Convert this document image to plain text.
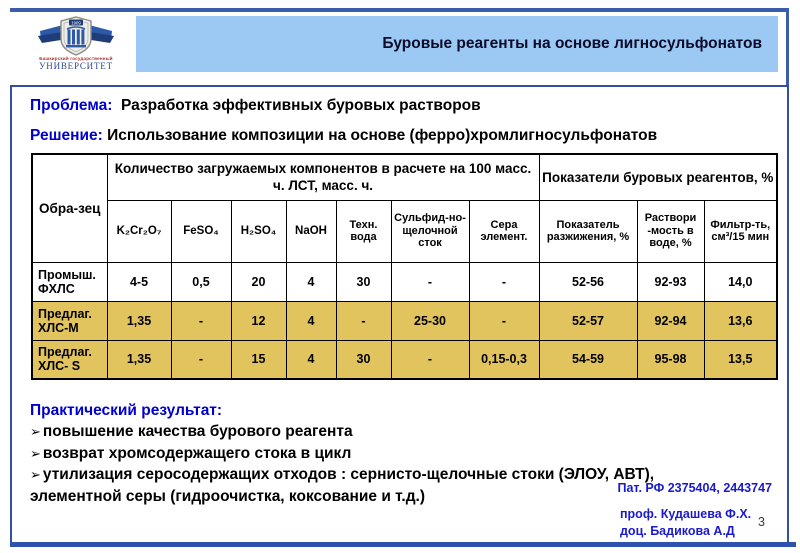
1909
Башкирский государственный
УНИВЕРСИТЕТ
Буровые реагенты на основе лигносульфонатов
Проблема: Разработка эффективных буровых растворов
Решение: Использование композиции на основе (ферро)хромлигносульфонатов
Обра-зец	Количество загружаемых компонентов в расчете на 100 масс. ч. ЛСТ, масс. ч.							Показатели буровых реагентов, %		
	K₂Cr₂O₇	FeSO₄	H₂SO₄	NaOH	Техн. вода	Сульфид-но-щелочной сток	Сера элемент.	Показатель разжижения, %	Раствори -мость в воде, %	Фильтр-ть, см³/15 мин
Промыш. ФХЛС	4-5	0,5	20	4	30	-	-	52-56	92-93	14,0
Предлаг. ХЛС-М	1,35	-	12	4	-	25-30	-	52-57	92-94	13,6
Предлаг. ХЛС- S	1,35	-	15	4	30	-	0,15-0,3	54-59	95-98	13,5
Практический результат:
➢ повышение качества бурового реагента
➢ возврат хромсодержащего стока в цикл
➢ утилизация серосодержащих отходов : сернисто-щелочные стоки (ЭЛОУ, АВТ), элементной серы (гидроочистка, коксование и т.д.)	Пат. РФ 2375404, 2443747
проф. Кудашева Ф.Х.
доц. Бадикова А.Д
3
